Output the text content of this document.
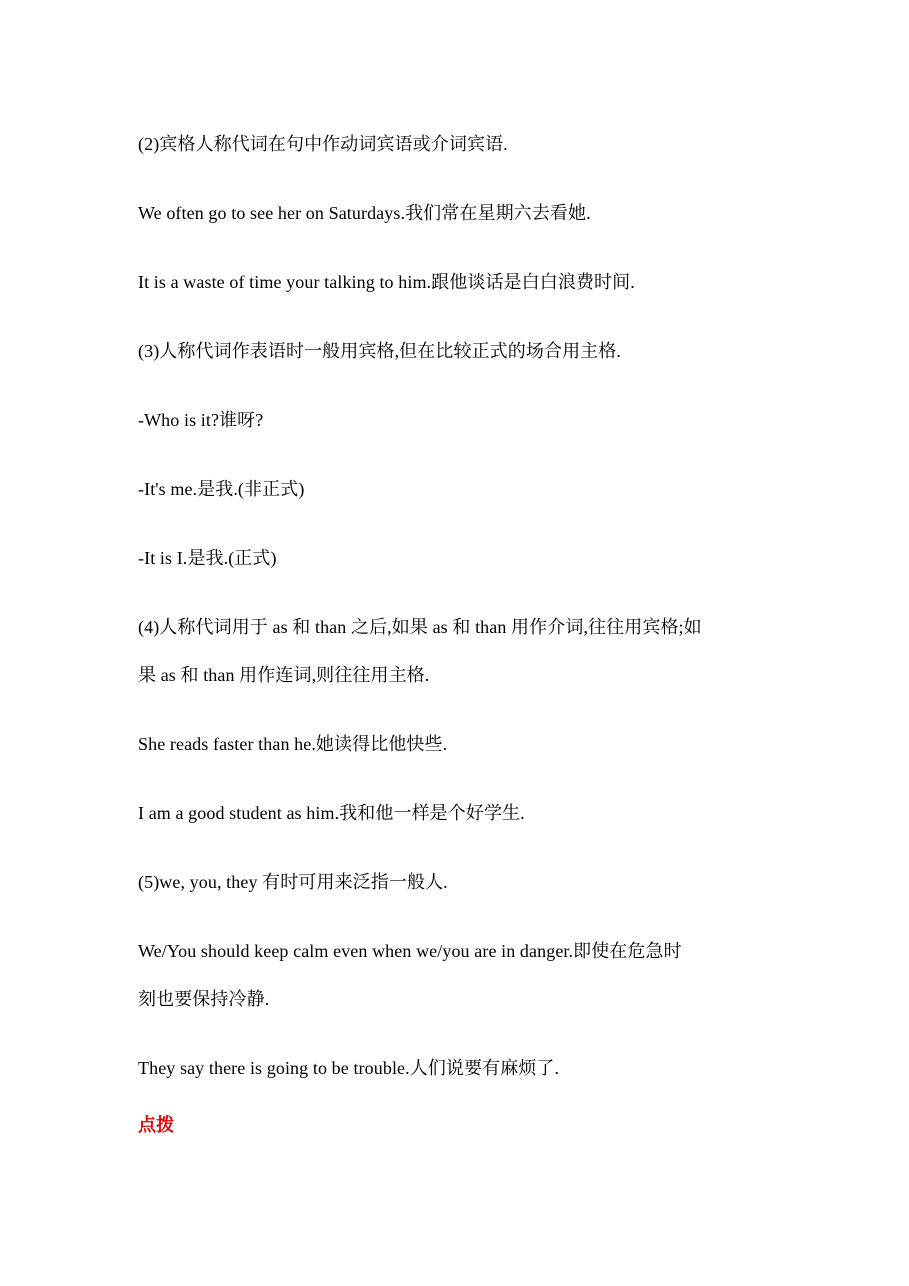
(2)宾格人称代词在句中作动词宾语或介词宾语.
We often go to see her on Saturdays.我们常在星期六去看她.
It is a waste of time your talking to him.跟他谈话是白白浪费时间.
(3)人称代词作表语时一般用宾格,但在比较正式的场合用主格.
-Who is it?谁呀?
-It's me.是我.(非正式)
-It is I.是我.(正式)
(4)人称代词用于 as 和 than 之后,如果 as 和 than 用作介词,往往用宾格;如
果 as 和 than 用作连词,则往往用主格.
She reads faster than he.她读得比他快些.
I am a good student as him.我和他一样是个好学生.
(5)we, you, they 有时可用来泛指一般人.
We/You should keep calm even when we/you are in danger.即使在危急时
刻也要保持冷静.
They say there is going to be trouble.人们说要有麻烦了.
点拨
